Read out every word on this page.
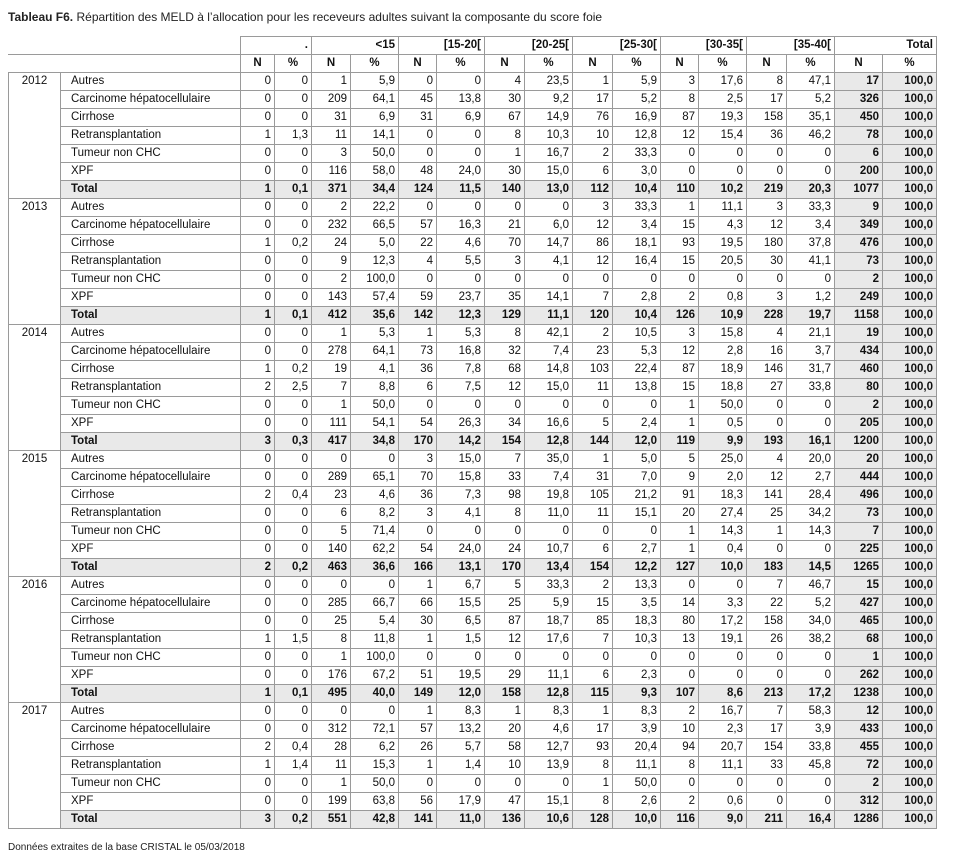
Tableau F6. Répartition des MELD à l’allocation pour les receveurs adultes suivant la composante du score foie
		.		<15		[15-20[		[20-25[		[25-30[		[30-35[		[35-40[		Total	
		N	%	N	%	N	%	N	%	N	%	N	%	N	%	N	%
2012	Autres	0	0	1	5,9	0	0	4	23,5	1	5,9	3	17,6	8	47,1	17	100,0
	Carcinome hépatocellulaire	0	0	209	64,1	45	13,8	30	9,2	17	5,2	8	2,5	17	5,2	326	100,0
	Cirrhose	0	0	31	6,9	31	6,9	67	14,9	76	16,9	87	19,3	158	35,1	450	100,0
	Retransplantation	1	1,3	11	14,1	0	0	8	10,3	10	12,8	12	15,4	36	46,2	78	100,0
	Tumeur non CHC	0	0	3	50,0	0	0	1	16,7	2	33,3	0	0	0	0	6	100,0
	XPF	0	0	116	58,0	48	24,0	30	15,0	6	3,0	0	0	0	0	200	100,0
	Total	1	0,1	371	34,4	124	11,5	140	13,0	112	10,4	110	10,2	219	20,3	1077	100,0
2013	Autres	0	0	2	22,2	0	0	0	0	3	33,3	1	11,1	3	33,3	9	100,0
	Carcinome hépatocellulaire	0	0	232	66,5	57	16,3	21	6,0	12	3,4	15	4,3	12	3,4	349	100,0
	Cirrhose	1	0,2	24	5,0	22	4,6	70	14,7	86	18,1	93	19,5	180	37,8	476	100,0
	Retransplantation	0	0	9	12,3	4	5,5	3	4,1	12	16,4	15	20,5	30	41,1	73	100,0
	Tumeur non CHC	0	0	2	100,0	0	0	0	0	0	0	0	0	0	0	2	100,0
	XPF	0	0	143	57,4	59	23,7	35	14,1	7	2,8	2	0,8	3	1,2	249	100,0
	Total	1	0,1	412	35,6	142	12,3	129	11,1	120	10,4	126	10,9	228	19,7	1158	100,0
2014	Autres	0	0	1	5,3	1	5,3	8	42,1	2	10,5	3	15,8	4	21,1	19	100,0
	Carcinome hépatocellulaire	0	0	278	64,1	73	16,8	32	7,4	23	5,3	12	2,8	16	3,7	434	100,0
	Cirrhose	1	0,2	19	4,1	36	7,8	68	14,8	103	22,4	87	18,9	146	31,7	460	100,0
	Retransplantation	2	2,5	7	8,8	6	7,5	12	15,0	11	13,8	15	18,8	27	33,8	80	100,0
	Tumeur non CHC	0	0	1	50,0	0	0	0	0	0	0	1	50,0	0	0	2	100,0
	XPF	0	0	111	54,1	54	26,3	34	16,6	5	2,4	1	0,5	0	0	205	100,0
	Total	3	0,3	417	34,8	170	14,2	154	12,8	144	12,0	119	9,9	193	16,1	1200	100,0
2015	Autres	0	0	0	0	3	15,0	7	35,0	1	5,0	5	25,0	4	20,0	20	100,0
	Carcinome hépatocellulaire	0	0	289	65,1	70	15,8	33	7,4	31	7,0	9	2,0	12	2,7	444	100,0
	Cirrhose	2	0,4	23	4,6	36	7,3	98	19,8	105	21,2	91	18,3	141	28,4	496	100,0
	Retransplantation	0	0	6	8,2	3	4,1	8	11,0	11	15,1	20	27,4	25	34,2	73	100,0
	Tumeur non CHC	0	0	5	71,4	0	0	0	0	0	0	1	14,3	1	14,3	7	100,0
	XPF	0	0	140	62,2	54	24,0	24	10,7	6	2,7	1	0,4	0	0	225	100,0
	Total	2	0,2	463	36,6	166	13,1	170	13,4	154	12,2	127	10,0	183	14,5	1265	100,0
2016	Autres	0	0	0	0	1	6,7	5	33,3	2	13,3	0	0	7	46,7	15	100,0
	Carcinome hépatocellulaire	0	0	285	66,7	66	15,5	25	5,9	15	3,5	14	3,3	22	5,2	427	100,0
	Cirrhose	0	0	25	5,4	30	6,5	87	18,7	85	18,3	80	17,2	158	34,0	465	100,0
	Retransplantation	1	1,5	8	11,8	1	1,5	12	17,6	7	10,3	13	19,1	26	38,2	68	100,0
	Tumeur non CHC	0	0	1	100,0	0	0	0	0	0	0	0	0	0	0	1	100,0
	XPF	0	0	176	67,2	51	19,5	29	11,1	6	2,3	0	0	0	0	262	100,0
	Total	1	0,1	495	40,0	149	12,0	158	12,8	115	9,3	107	8,6	213	17,2	1238	100,0
2017	Autres	0	0	0	0	1	8,3	1	8,3	1	8,3	2	16,7	7	58,3	12	100,0
	Carcinome hépatocellulaire	0	0	312	72,1	57	13,2	20	4,6	17	3,9	10	2,3	17	3,9	433	100,0
	Cirrhose	2	0,4	28	6,2	26	5,7	58	12,7	93	20,4	94	20,7	154	33,8	455	100,0
	Retransplantation	1	1,4	11	15,3	1	1,4	10	13,9	8	11,1	8	11,1	33	45,8	72	100,0
	Tumeur non CHC	0	0	1	50,0	0	0	0	0	1	50,0	0	0	0	0	2	100,0
	XPF	0	0	199	63,8	56	17,9	47	15,1	8	2,6	2	0,6	0	0	312	100,0
	Total	3	0,2	551	42,8	141	11,0	136	10,6	128	10,0	116	9,0	211	16,4	1286	100,0
Données extraites de la base CRISTAL le 05/03/2018
